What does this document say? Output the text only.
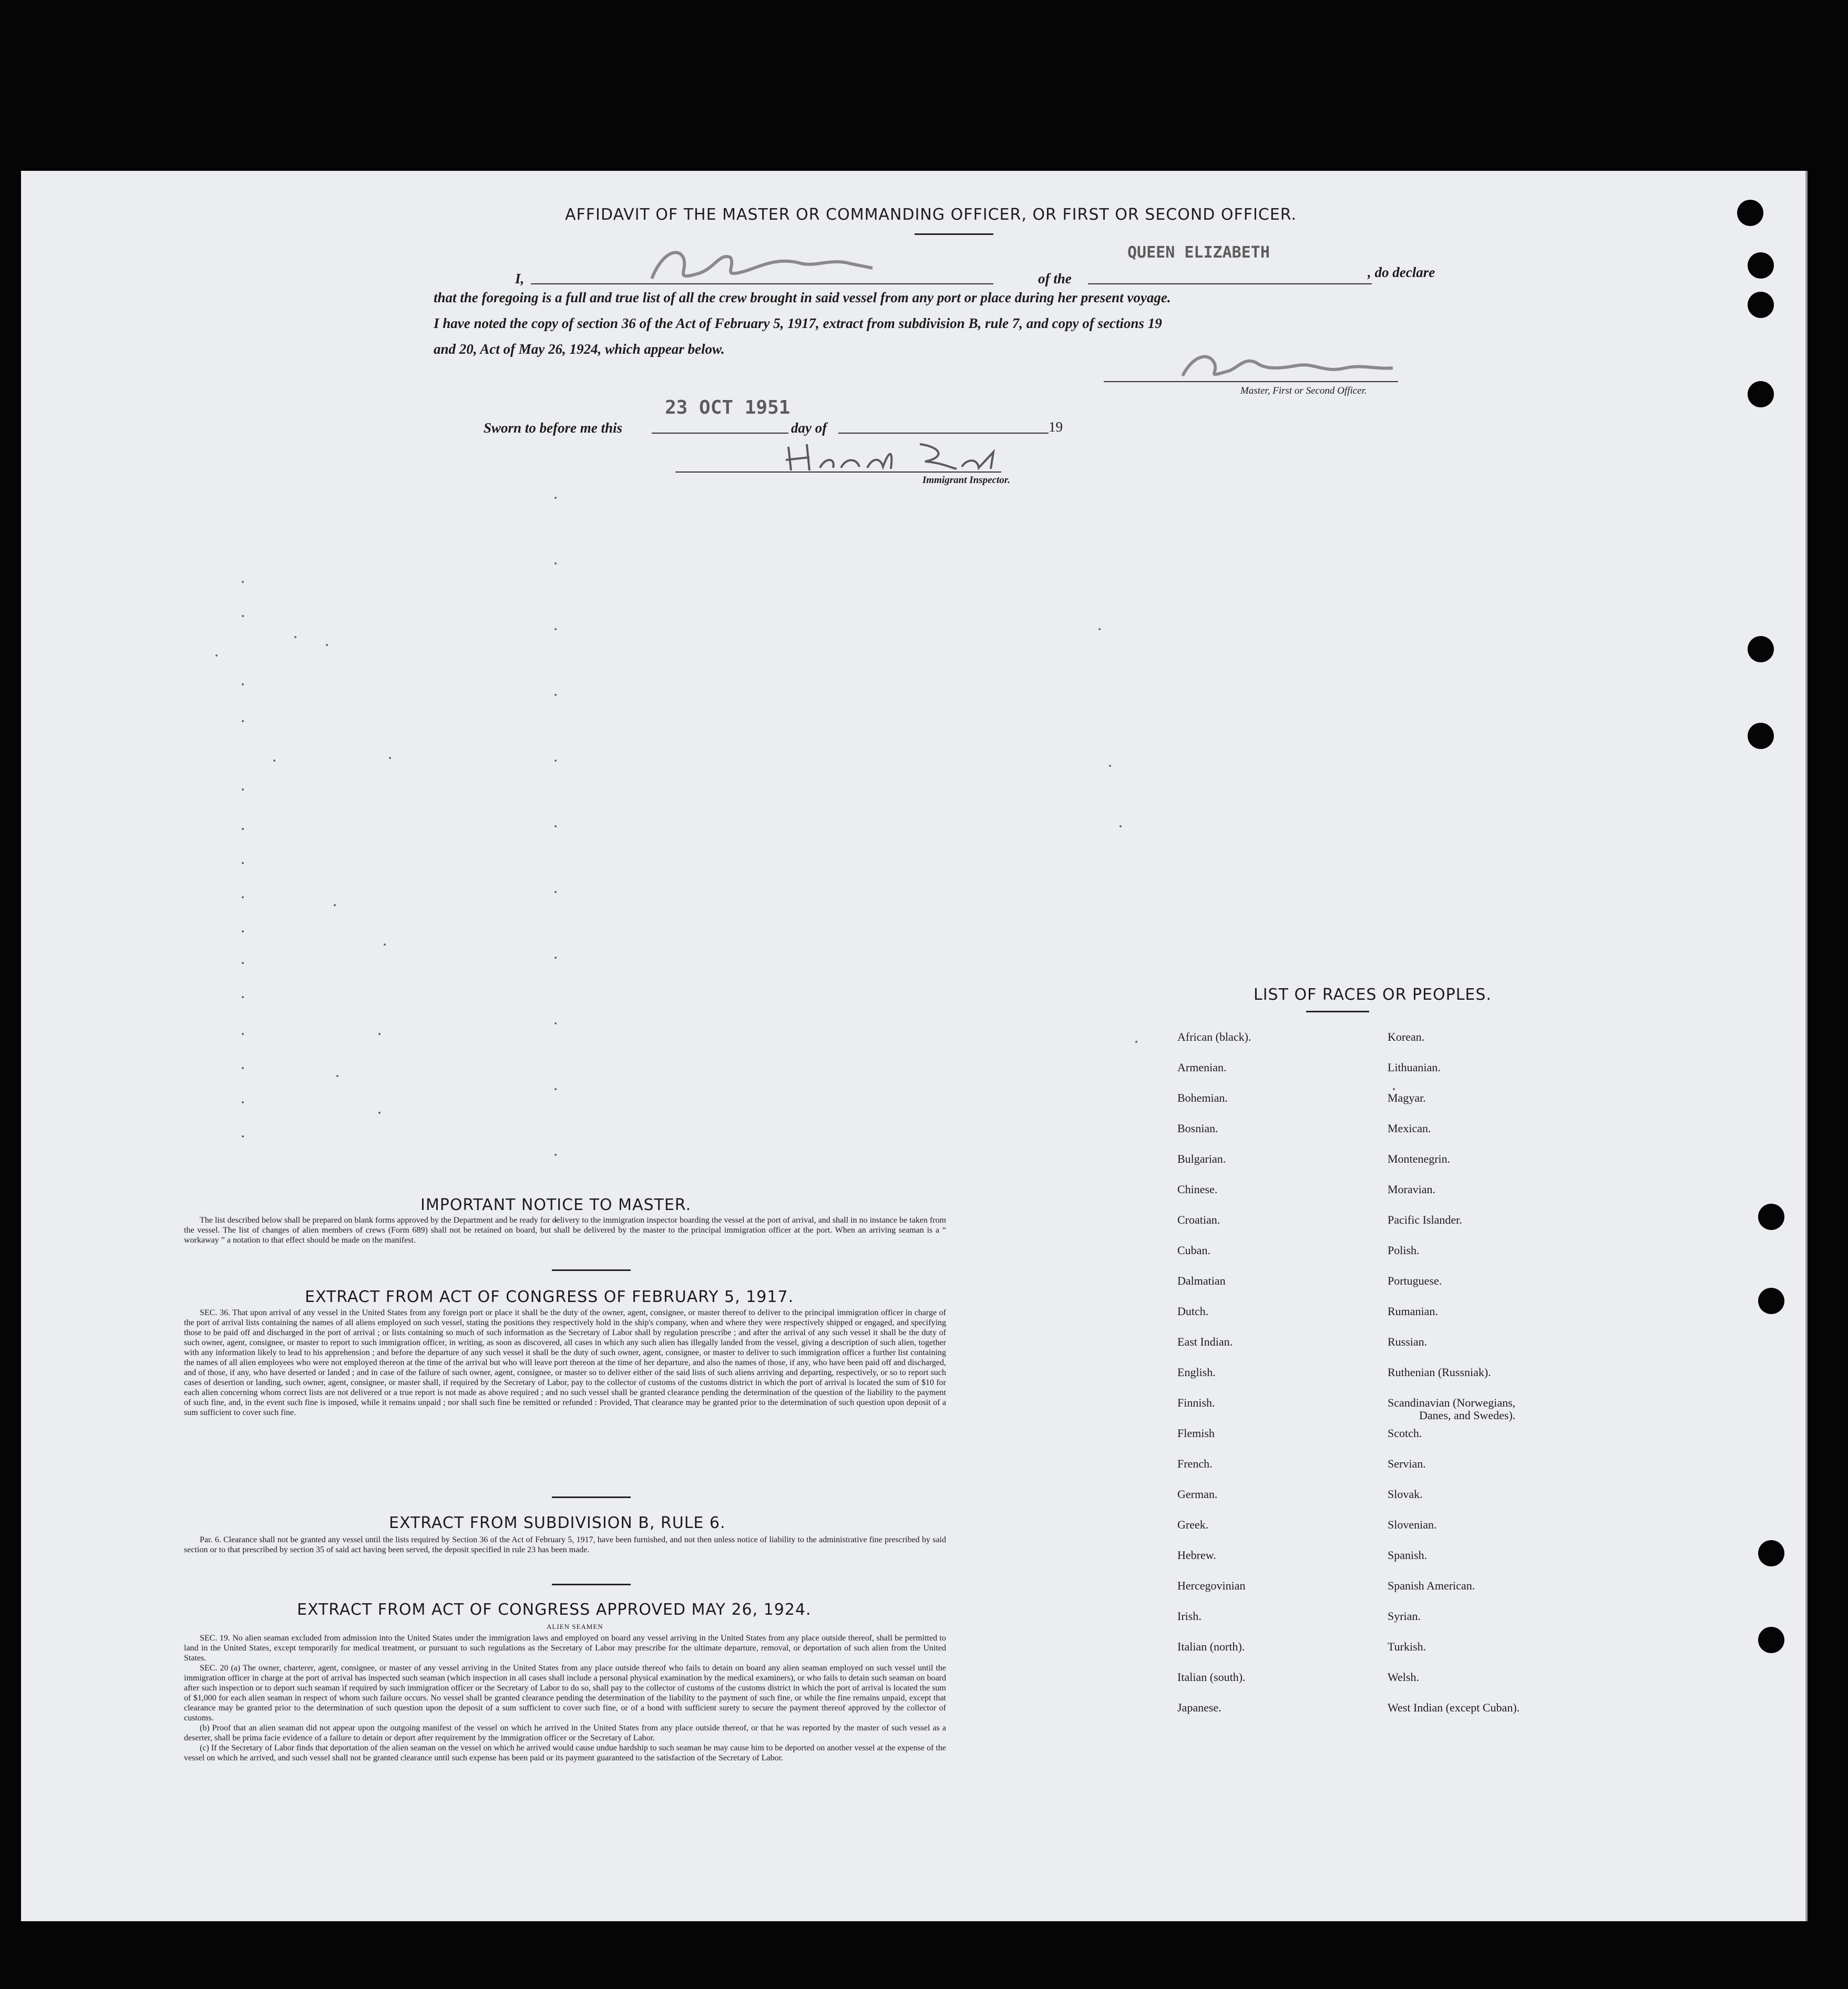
AFFIDAVIT OF THE MASTER OR COMMANDING OFFICER, OR FIRST OR SECOND OFFICER.
I,	of the
QUEEN ELIZABETH
, do declare
that the foregoing is a full and true list of all the crew brought in said vessel from any port or place during her present voyage.
I have noted the copy of section 36 of the Act of February 5, 1917, extract from subdivision B, rule 7, and copy of sections 19
and 20, Act of May 26, 1924, which appear below.
Master, First or Second Officer.
Sworn to before me this
23 OCT 1951
day of	19
Immigrant Inspector.
IMPORTANT NOTICE TO MASTER.

The list described below shall be prepared on blank forms approved by the Department and be ready for delivery to the immigration inspector boarding the vessel at the port of arrival, and shall in no instance be taken from the vessel. The list of changes of alien members of crews (Form 689) shall not be retained on board, but shall be delivered by the master to the principal immigration officer at the port. When an arriving seaman is a “ workaway ” a notation to that effect should be made on the manifest.

EXTRACT FROM ACT OF CONGRESS OF FEBRUARY 5, 1917.

SEC. 36. That upon arrival of any vessel in the United States from any foreign port or place it shall be the duty of the owner, agent, consignee, or master thereof to deliver to the principal immigration officer in charge of the port of arrival lists containing the names of all aliens employed on such vessel, stating the positions they respectively hold in the ship's company, when and where they were respectively shipped or engaged, and specifying those to be paid off and discharged in the port of arrival ; or lists containing so much of such information as the Secretary of Labor shall by regulation prescribe ; and after the arrival of any such vessel it shall be the duty of such owner, agent, consignee, or master to report to such immigration officer, in writing, as soon as discovered, all cases in which any such alien has illegally landed from the vessel, giving a description of such alien, together with any information likely to lead to his apprehension ; and before the departure of any such vessel it shall be the duty of such owner, agent, consignee, or master to deliver to such immigration officer a further list containing the names of all alien employees who were not employed thereon at the time of the arrival but who will leave port thereon at the time of her departure, and also the names of those, if any, who have been paid off and discharged, and of those, if any, who have deserted or landed ; and in case of the failure of such owner, agent, consignee, or master so to deliver either of the said lists of such aliens arriving and departing, respectively, or so to report such cases of desertion or landing, such owner, agent, consignee, or master shall, if required by the Secretary of Labor, pay to the collector of customs of the customs district in which the port of arrival is located the sum of $10 for each alien concerning whom correct lists are not delivered or a true report is not made as above required ; and no such vessel shall be granted clearance pending the determination of the question of the liability to the payment of such fine, and, in the event such fine is imposed, while it remains unpaid ; nor shall such fine be remitted or refunded : Provided, That clearance may be granted prior to the determination of such question upon deposit of a sum sufficient to cover such fine.

EXTRACT FROM SUBDIVISION B, RULE 6.

Par. 6. Clearance shall not be granted any vessel until the lists required by Section 36 of the Act of February 5, 1917, have been furnished, and not then unless notice of liability to the administrative fine prescribed by said section or to that prescribed by section 35 of said act having been served, the deposit specified in rule 23 has been made.

EXTRACT FROM ACT OF CONGRESS APPROVED MAY 26, 1924.
ALIEN SEAMEN

SEC. 19. No alien seaman excluded from admission into the United States under the immigration laws and employed on board any vessel arriving in the United States from any place outside thereof, shall be permitted to land in the United States, except temporarily for medical treatment, or pursuant to such regulations as the Secretary of Labor may prescribe for the ultimate departure, removal, or deportation of such alien from the United States.

SEC. 20 (a) The owner, charterer, agent, consignee, or master of any vessel arriving in the United States from any place outside thereof who fails to detain on board any alien seaman employed on such vessel until the immigration officer in charge at the port of arrival has inspected such seaman (which inspection in all cases shall include a personal physical examination by the medical examiners), or who fails to detain such seaman on board after such inspection or to deport such seaman if required by such immigration officer or the Secretary of Labor to do so, shall pay to the collector of customs of the customs district in which the port of arrival is located the sum of $1,000 for each alien seaman in respect of whom such failure occurs. No vessel shall be granted clearance pending the determination of the liability to the payment of such fine, or while the fine remains unpaid, except that clearance may be granted prior to the determination of such question upon the deposit of a sum sufficient to cover such fine, or of a bond with sufficient surety to secure the payment thereof approved by the collector of customs.

(b) Proof that an alien seaman did not appear upon the outgoing manifest of the vessel on which he arrived in the United States from any place outside thereof, or that he was reported by the master of such vessel as a deserter, shall be prima facie evidence of a failure to detain or deport after requirement by the immigration officer or the Secretary of Labor.

(c) If the Secretary of Labor finds that deportation of the alien seaman on the vessel on which he arrived would cause undue hardship to such seaman he may cause him to be deported on another vessel at the expense of the vessel on which he arrived, and such vessel shall not be granted clearance until such expense has been paid or its payment guaranteed to the satisfaction of the Secretary of Labor.

LIST OF RACES OR PEOPLES.
African (black).
Armenian.
Bohemian.
Bosnian.
Bulgarian.
Chinese.
Croatian.
Cuban.
Dalmatian
Dutch.
East Indian.
English.
Finnish.
Flemish
French.
German.
Greek.
Hebrew.
Hercegovinian
Irish.
Italian (north).
Italian (south).
Japanese.
Korean.
Lithuanian.
Magyar.
Mexican.
Montenegrin.
Moravian.
Pacific Islander.
Polish.
Portuguese.
Rumanian.
Russian.
Ruthenian (Russniak).
Scandinavian (Norwegians,
Scotch.
Servian.
Slovak.
Slovenian.
Spanish.
Spanish American.
Syrian.
Turkish.
Welsh.
West Indian (except Cuban).
Danes, and Swedes).
